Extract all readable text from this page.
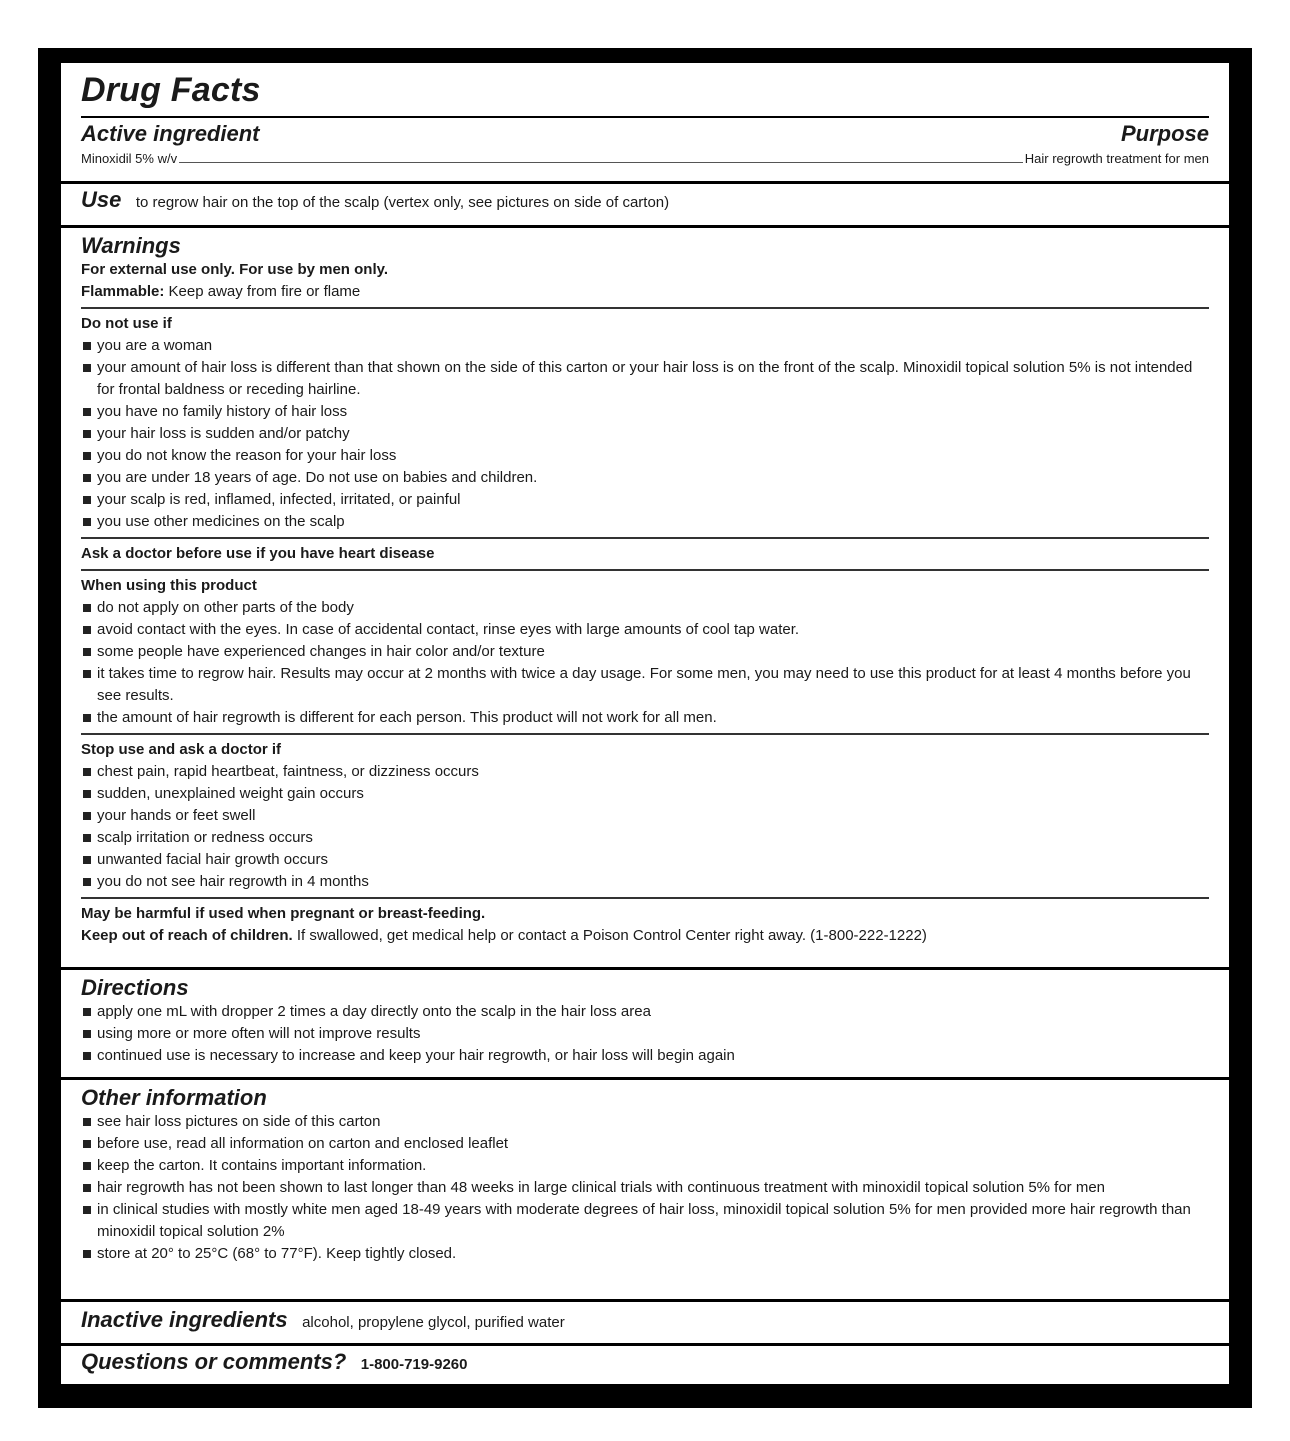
Drug Facts
Active ingredient	Purpose
Minoxidil 5% w/v	Hair regrowth treatment for men
Use to regrow hair on the top of the scalp (vertex only, see pictures on side of carton)
Warnings
For external use only. For use by men only.
Flammable: Keep away from fire or flame
Do not use if
you are a woman
your amount of hair loss is different than that shown on the side of this carton or your hair loss is on the front of the scalp. Minoxidil topical solution 5% is not intended for frontal baldness or receding hairline.
you have no family history of hair loss
your hair loss is sudden and/or patchy
you do not know the reason for your hair loss
you are under 18 years of age. Do not use on babies and children.
your scalp is red, inflamed, infected, irritated, or painful
you use other medicines on the scalp
Ask a doctor before use if you have heart disease
When using this product
do not apply on other parts of the body
avoid contact with the eyes. In case of accidental contact, rinse eyes with large amounts of cool tap water.
some people have experienced changes in hair color and/or texture
it takes time to regrow hair. Results may occur at 2 months with twice a day usage. For some men, you may need to use this product for at least 4 months before you see results.
the amount of hair regrowth is different for each person. This product will not work for all men.
Stop use and ask a doctor if
chest pain, rapid heartbeat, faintness, or dizziness occurs
sudden, unexplained weight gain occurs
your hands or feet swell
scalp irritation or redness occurs
unwanted facial hair growth occurs
you do not see hair regrowth in 4 months
May be harmful if used when pregnant or breast-feeding.
Keep out of reach of children. If swallowed, get medical help or contact a Poison Control Center right away. (1-800-222-1222)
Directions
apply one mL with dropper 2 times a day directly onto the scalp in the hair loss area
using more or more often will not improve results
continued use is necessary to increase and keep your hair regrowth, or hair loss will begin again
Other information
see hair loss pictures on side of this carton
before use, read all information on carton and enclosed leaflet
keep the carton. It contains important information.
hair regrowth has not been shown to last longer than 48 weeks in large clinical trials with continuous treatment with minoxidil topical solution 5% for men
in clinical studies with mostly white men aged 18-49 years with moderate degrees of hair loss, minoxidil topical solution 5% for men provided more hair regrowth than minoxidil topical solution 2%
store at 20° to 25°C (68° to 77°F). Keep tightly closed.
Inactive ingredients alcohol, propylene glycol, purified water
Questions or comments? 1-800-719-9260
